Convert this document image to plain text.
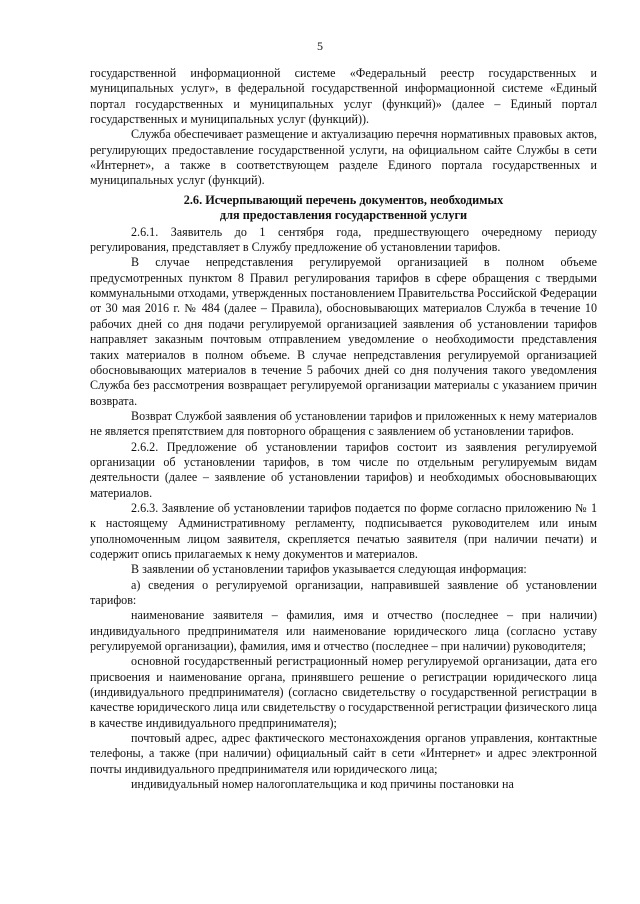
5

государственной информационной системе «Федеральный реестр государственных и муниципальных услуг», в федеральной государственной информационной системе «Единый портал государственных и муниципальных услуг (функций)» (далее – Единый портал государственных и муниципальных услуг (функций)).

Служба обеспечивает размещение и актуализацию перечня нормативных правовых актов, регулирующих предоставление государственной услуги, на официальном сайте Службы в сети «Интернет», а также в соответствующем разделе Единого портала государственных и муниципальных услуг (функций).

2.6. Исчерпывающий перечень документов, необходимых
для предоставления государственной услуги

2.6.1. Заявитель до 1 сентября года, предшествующего очередному периоду регулирования, представляет в Службу предложение об установлении тарифов.

В случае непредставления регулируемой организацией в полном объеме предусмотренных пунктом 8 Правил регулирования тарифов в сфере обращения с твердыми коммунальными отходами, утвержденных постановлением Правительства Российской Федерации от 30 мая 2016 г. № 484 (далее – Правила), обосновывающих материалов Служба в течение 10 рабочих дней со дня подачи регулируемой организацией заявления об установлении тарифов направляет заказным почтовым отправлением уведомление о необходимости представления таких материалов в полном объеме. В случае непредставления регулируемой организацией обосновывающих материалов в течение 5 рабочих дней со дня получения такого уведомления Служба без рассмотрения возвращает регулируемой организации материалы с указанием причин возврата.

Возврат Службой заявления об установлении тарифов и приложенных к нему материалов не является препятствием для повторного обращения с заявлением об установлении тарифов.

2.6.2. Предложение об установлении тарифов состоит из заявления регулируемой организации об установлении тарифов, в том числе по отдельным регулируемым видам деятельности (далее – заявление об установлении тарифов) и необходимых обосновывающих материалов.

2.6.3. Заявление об установлении тарифов подается по форме согласно приложению № 1 к настоящему Административному регламенту, подписывается руководителем или иным уполномоченным лицом заявителя, скрепляется печатью заявителя (при наличии печати) и содержит опись прилагаемых к нему документов и материалов.

В заявлении об установлении тарифов указывается следующая информация:

а) сведения о регулируемой организации, направившей заявление об установлении тарифов:

наименование заявителя – фамилия, имя и отчество (последнее – при наличии) индивидуального предпринимателя или наименование юридического лица (согласно уставу регулируемой организации), фамилия, имя и отчество (последнее – при наличии) руководителя;

основной государственный регистрационный номер регулируемой организации, дата его присвоения и наименование органа, принявшего решение о регистрации юридического лица (индивидуального предпринимателя) (согласно свидетельству о государственной регистрации в качестве юридического лица или свидетельству о государственной регистрации физического лица в качестве индивидуального предпринимателя);

почтовый адрес, адрес фактического местонахождения органов управления, контактные телефоны, а также (при наличии) официальный сайт в сети «Интернет» и адрес электронной почты индивидуального предпринимателя или юридического лица;

индивидуальный номер налогоплательщика и код причины постановки на
